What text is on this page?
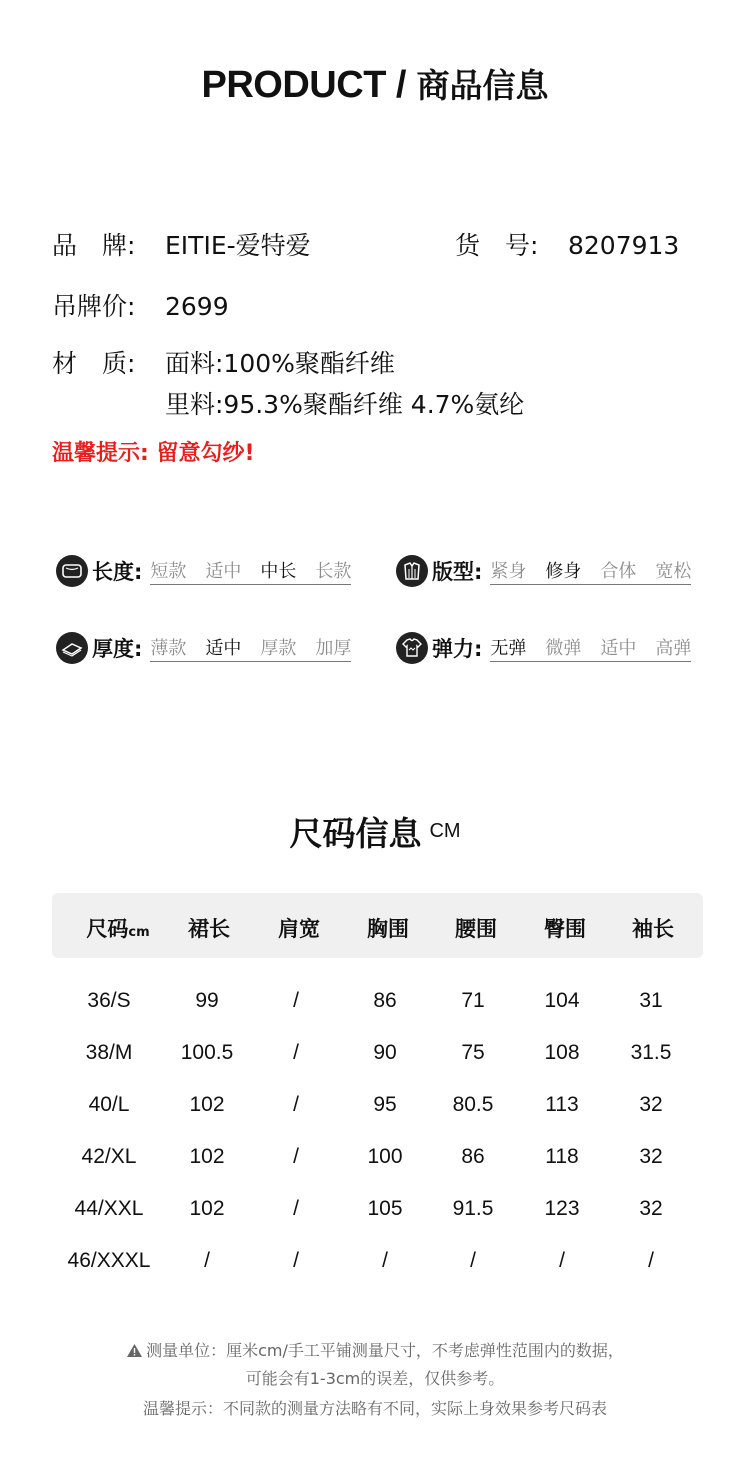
PRODUCT / 商品信息
品　牌: EITIE-爱特爱	货　号: 8207913
吊牌价: 2699
材　质: 面料:100%聚酯纤维
里料:95.3%聚酯纤维 4.7%氨纶
温馨提示: 留意勾纱!
长度: 短款 适中 中长 长款	版型: 紧身 修身 合体 宽松
厚度: 薄款 适中 厚款 加厚	弹力: 无弹 微弹 适中 高弹
尺码信息 CM
尺码cm	裙长	肩宽	胸围	腰围	臀围	袖长
36/S	99	/	86	71	104	31
38/M	100.5	/	90	75	108	31.5
40/L	102	/	95	80.5	113	32
42/XL	102	/	100	86	118	32
44/XXL	102	/	105	91.5	123	32
46/XXXL	/	/	/	/	/	/
测量单位：厘米cm/手工平铺测量尺寸，不考虑弹性范围内的数据，
可能会有1-3cm的误差，仅供参考。
温馨提示：不同款的测量方法略有不同，实际上身效果参考尺码表
